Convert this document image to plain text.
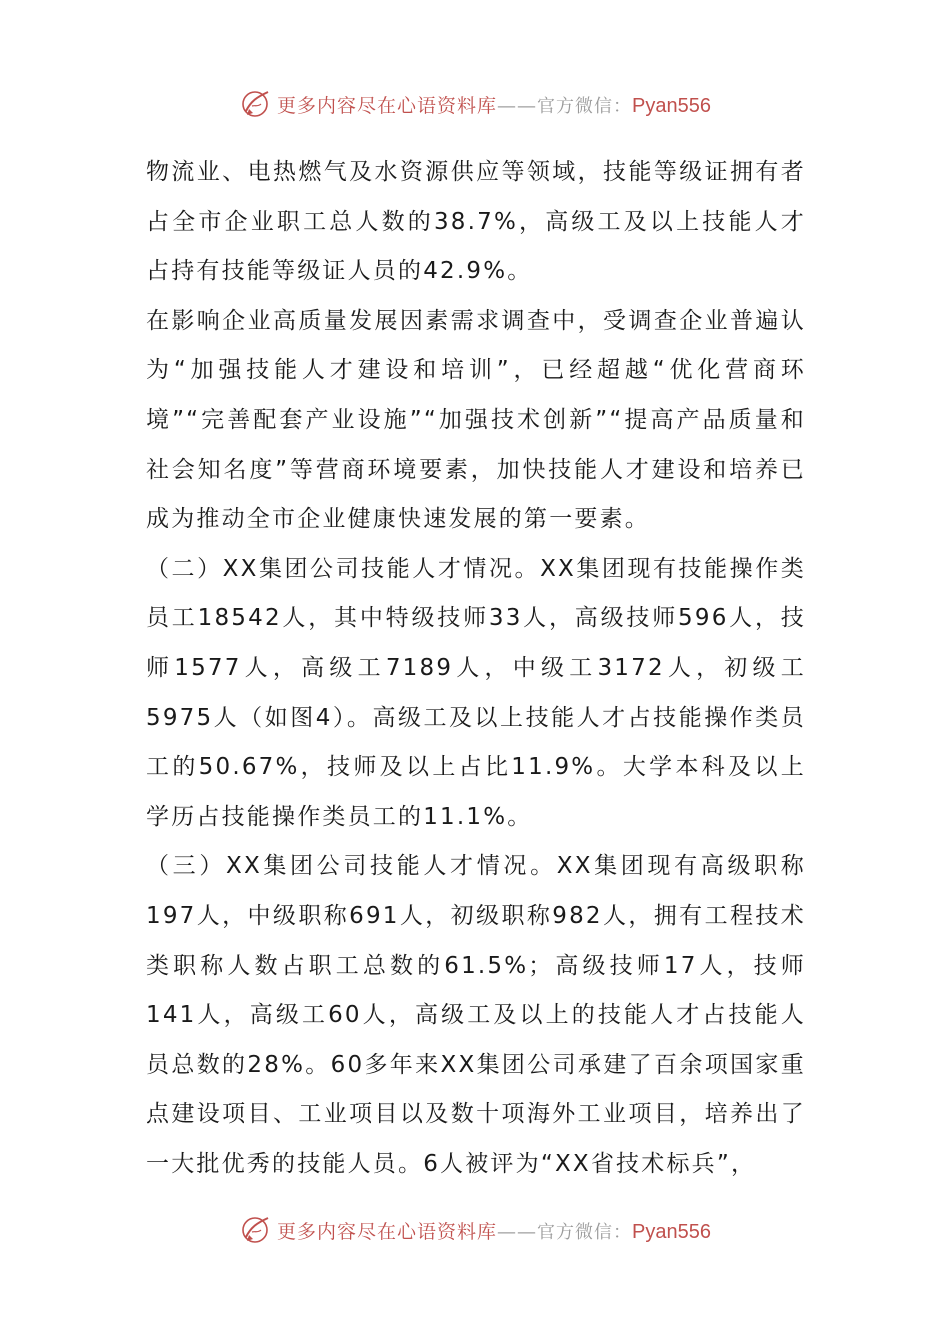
更多内容尽在心语资料库——官方微信：Pyan556

物流业、电热燃气及水资源供应等领域，技能等级证拥有者占全市企业职工总人数的38.7%，高级工及以上技能人才占持有技能等级证人员的42.9%。

在影响企业高质量发展因素需求调查中，受调查企业普遍认为“加强技能人才建设和培训”，已经超越“优化营商环境”“完善配套产业设施”“加强技术创新”“提高产品质量和社会知名度”等营商环境要素，加快技能人才建设和培养已成为推动全市企业健康快速发展的第一要素。

（二）XX集团公司技能人才情况。XX集团现有技能操作类员工18542人，其中特级技师33人，高级技师596人，技师1577人，高级工7189人，中级工3172人，初级工5975人（如图4）。高级工及以上技能人才占技能操作类员工的50.67%，技师及以上占比11.9%。大学本科及以上学历占技能操作类员工的11.1%。

（三）XX集团公司技能人才情况。XX集团现有高级职称197人，中级职称691人，初级职称982人，拥有工程技术类职称人数占职工总数的61.5%；高级技师17人，技师141人，高级工60人，高级工及以上的技能人才占技能人员总数的28%。60多年来XX集团公司承建了百余项国家重点建设项目、工业项目以及数十项海外工业项目，培养出了一大批优秀的技能人员。6人被评为“XX省技术标兵”，

更多内容尽在心语资料库——官方微信：Pyan556
